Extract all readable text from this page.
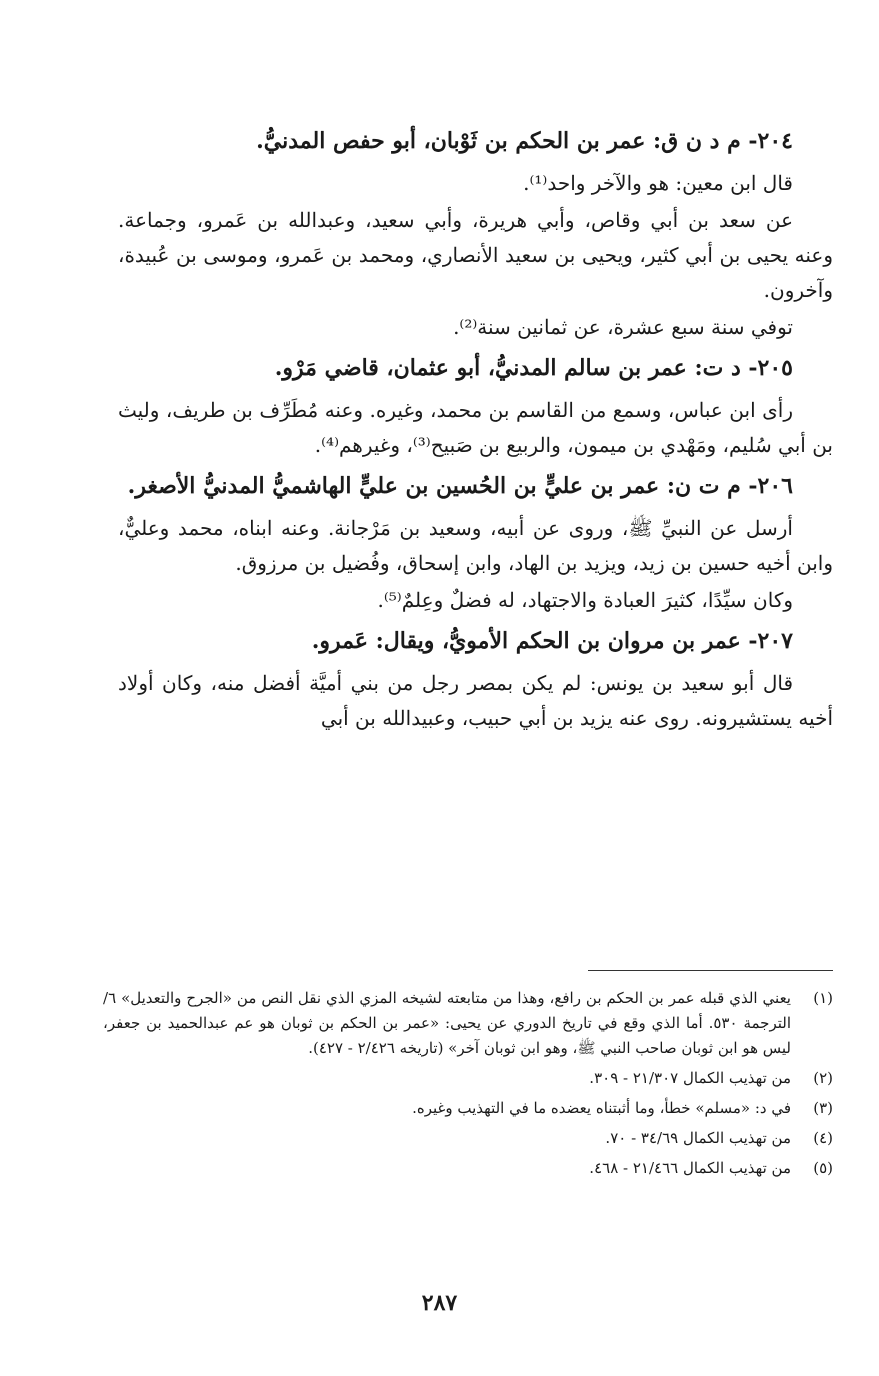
٢٠٤- م د ن ق: عمر بن الحكم بن ثَوْبان، أبو حفص المدنيُّ.

قال ابن معين: هو والآخر واحد⁽¹⁾.

عن سعد بن أبي وقاص، وأبي هريرة، وأبي سعيد، وعبدالله بن عَمرو، وجماعة. وعنه يحيى بن أبي كثير، ويحيى بن سعيد الأنصاري، ومحمد بن عَمرو، وموسى بن عُبيدة، وآخرون.

توفي سنة سبع عشرة، عن ثمانين سنة⁽²⁾.

٢٠٥- د ت: عمر بن سالم المدنيُّ، أبو عثمان، قاضي مَرْو.

رأى ابن عباس، وسمع من القاسم بن محمد، وغيره. وعنه مُطَرِّف بن طريف، وليث بن أبي سُليم، ومَهْدي بن ميمون، والربيع بن صَبيح⁽³⁾، وغيرهم⁽⁴⁾.

٢٠٦- م ت ن: عمر بن عليٍّ بن الحُسين بن عليٍّ الهاشميُّ المدنيُّ الأصغر.

أرسل عن النبيِّ ﷺ، وروى عن أبيه، وسعيد بن مَرْجانة. وعنه ابناه، محمد وعليٌّ، وابن أخيه حسين بن زيد، ويزيد بن الهاد، وابن إسحاق، وفُضيل بن مرزوق.

وكان سيِّدًا، كثيرَ العبادة والاجتهاد، له فضلٌ وعِلمٌ⁽⁵⁾.

٢٠٧- عمر بن مروان بن الحكم الأمويُّ، ويقال: عَمرو.

قال أبو سعيد بن يونس: لم يكن بمصر رجل من بني أميَّة أفضل منه، وكان أولاد أخيه يستشيرونه. روى عنه يزيد بن أبي حبيب، وعبيدالله بن أبي

(١)
يعني الذي قبله عمر بن الحكم بن رافع، وهذا من متابعته لشيخه المزي الذي نقل النص من «الجرح والتعديل» ٦/الترجمة ٥٣٠. أما الذي وقع في تاريخ الدوري عن يحيى: «عمر بن الحكم بن ثوبان هو عم عبدالحميد بن جعفر، ليس هو ابن ثوبان صاحب النبي ﷺ، وهو ابن ثوبان آخر» (تاريخه ٢/٤٢٦ - ٤٢٧).
(٢)
من تهذيب الكمال ٢١/٣٠٧ - ٣٠٩.
(٣)
في د: «مسلم» خطأ، وما أثبتناه يعضده ما في التهذيب وغيره.
(٤)
من تهذيب الكمال ٣٤/٦٩ - ٧٠.
(٥)
من تهذيب الكمال ٢١/٤٦٦ - ٤٦٨.
٢٨٧
